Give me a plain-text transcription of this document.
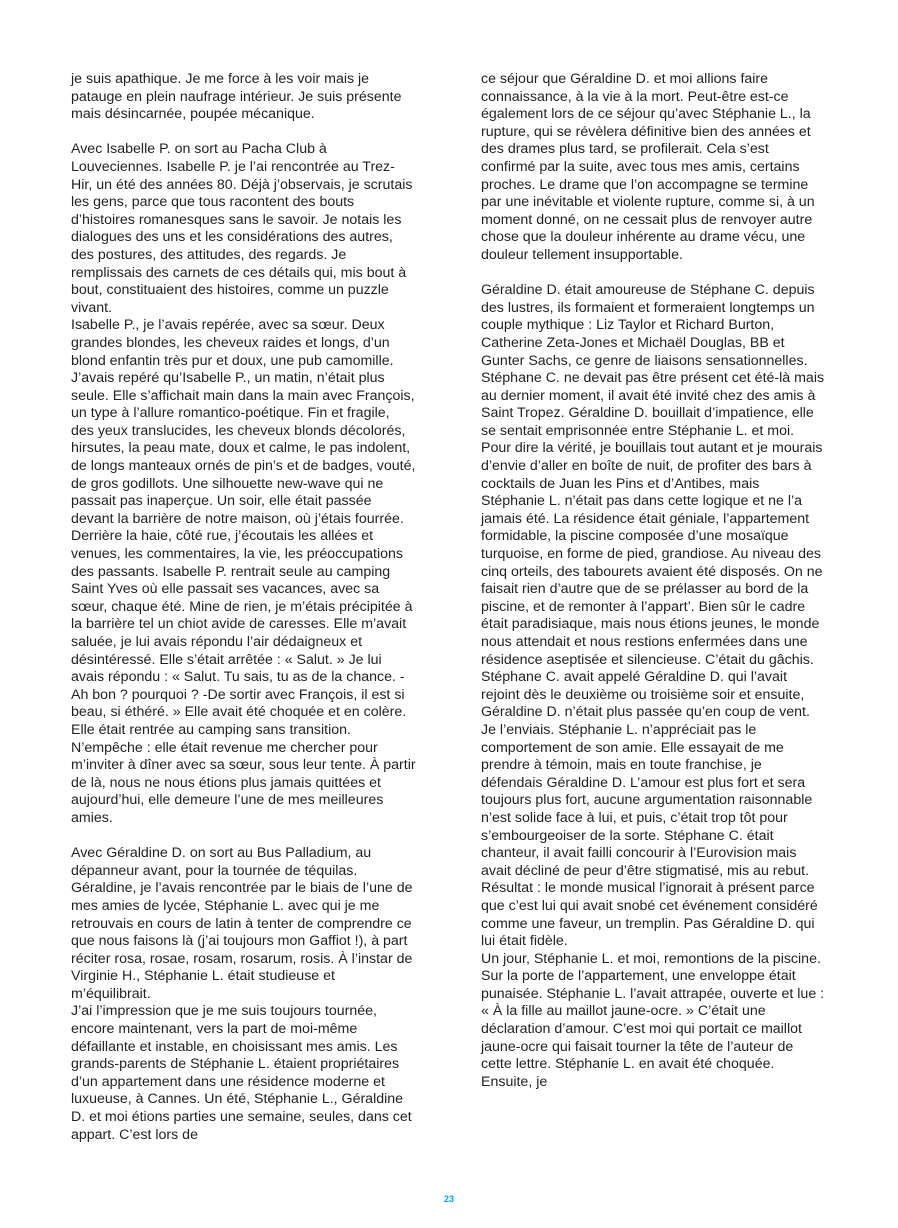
je suis apathique. Je me force à les voir mais je patauge en plein naufrage intérieur. Je suis présente mais désincarnée, poupée mécanique.

Avec Isabelle P. on sort au Pacha Club à Louveciennes. Isabelle P. je l’ai rencontrée au Trez-Hir, un été des années 80. Déjà j’observais, je scrutais les gens, parce que tous racontent des bouts d’histoires romanesques sans le savoir. Je notais les dialogues des uns et les considérations des autres, des postures, des attitudes, des regards. Je remplissais des carnets de ces détails qui, mis bout à bout, constituaient des histoires, comme un puzzle vivant.

Isabelle P., je l’avais repérée, avec sa sœur. Deux grandes blondes, les cheveux raides et longs, d’un blond enfantin très pur et doux, une pub camomille. J’avais repéré qu’Isabelle P., un matin, n’était plus seule. Elle s’affichait main dans la main avec François, un type à l’allure romantico-poétique. Fin et fragile, des yeux translucides, les cheveux blonds décolorés, hirsutes, la peau mate, doux et calme, le pas indolent, de longs manteaux ornés de pin’s et de badges, vouté, de gros godillots. Une silhouette new-wave qui ne passait pas inaperçue. Un soir, elle était passée devant la barrière de notre maison, où j’étais fourrée. Derrière la haie, côté rue, j’écoutais les allées et venues, les commentaires, la vie, les préoccupations des passants. Isabelle P. rentrait seule au camping Saint Yves où elle passait ses vacances, avec sa sœur, chaque été. Mine de rien, je m’étais précipitée à la barrière tel un chiot avide de caresses. Elle m’avait saluée, je lui avais répondu l’air dédaigneux et désintéressé. Elle s’était arrêtée : « Salut. » Je lui avais répondu : « Salut. Tu sais, tu as de la chance. -Ah bon ? pourquoi ? -De sortir avec François, il est si beau, si éthéré. » Elle avait été choquée et en colère. Elle était rentrée au camping sans transition. N’empêche : elle était revenue me chercher pour m’inviter à dîner avec sa sœur, sous leur tente. À partir de là, nous ne nous étions plus jamais quittées et aujourd’hui, elle demeure l’une de mes meilleures amies.

Avec Géraldine D. on sort au Bus Palladium, au dépanneur avant, pour la tournée de téquilas. Géraldine, je l’avais rencontrée par le biais de l’une de mes amies de lycée, Stéphanie L. avec qui je me retrouvais en cours de latin à tenter de comprendre ce que nous faisons là (j’ai toujours mon Gaffiot !), à part réciter rosa, rosae, rosam, rosarum, rosis. À l’instar de Virginie H., Stéphanie L. était studieuse et m’équilibrait.

J’ai l’impression que je me suis toujours tournée, encore maintenant, vers la part de moi-même défaillante et instable, en choisissant mes amis. Les grands-parents de Stéphanie L. étaient propriétaires d’un appartement dans une résidence moderne et luxueuse, à Cannes. Un été, Stéphanie L., Géraldine D. et moi étions parties une semaine, seules, dans cet appart. C’est lors de

ce séjour que Géraldine D. et moi allions faire connaissance, à la vie à la mort. Peut-être est-ce également lors de ce séjour qu’avec Stéphanie L., la rupture, qui se révèlera définitive bien des années et des drames plus tard, se profilerait. Cela s’est confirmé par la suite, avec tous mes amis, certains proches. Le drame que l’on accompagne se termine par une inévitable et violente rupture, comme si, à un moment donné, on ne cessait plus de renvoyer autre chose que la douleur inhérente au drame vécu, une douleur tellement insupportable.

Géraldine D. était amoureuse de Stéphane C. depuis des lustres, ils formaient et formeraient longtemps un couple mythique : Liz Taylor et Richard Burton, Catherine Zeta-Jones et Michaël Douglas, BB et Gunter Sachs, ce genre de liaisons sensationnelles.

Stéphane C. ne devait pas être présent cet été-là mais au dernier moment, il avait été invité chez des amis à Saint Tropez. Géraldine D. bouillait d’impatience, elle se sentait emprisonnée entre Stéphanie L. et moi. Pour dire la vérité, je bouillais tout autant et je mourais d’envie d’aller en boîte de nuit, de profiter des bars à cocktails de Juan les Pins et d’Antibes, mais Stéphanie L. n’était pas dans cette logique et ne l’a jamais été. La résidence était géniale, l’appartement formidable, la piscine composée d’une mosaïque turquoise, en forme de pied, grandiose. Au niveau des cinq orteils, des tabourets avaient été disposés. On ne faisait rien d’autre que de se prélasser au bord de la piscine, et de remonter à l’appart’. Bien sûr le cadre était paradisiaque, mais nous étions jeunes, le monde nous attendait et nous restions enfermées dans une résidence aseptisée et silencieuse. C’était du gâchis. Stéphane C. avait appelé Géraldine D. qui l’avait rejoint dès le deuxième ou troisième soir et ensuite, Géraldine D. n’était plus passée qu’en coup de vent. Je l’enviais. Stéphanie L. n’appréciait pas le comportement de son amie. Elle essayait de me prendre à témoin, mais en toute franchise, je défendais Géraldine D. L’amour est plus fort et sera toujours plus fort, aucune argumentation raisonnable n’est solide face à lui, et puis, c’était trop tôt pour s’embourgeoiser de la sorte. Stéphane C. était chanteur, il avait failli concourir à l’Eurovision mais avait décliné de peur d’être stigmatisé, mis au rebut. Résultat : le monde musical l’ignorait à présent parce que c’est lui qui avait snobé cet événement considéré comme une faveur, un tremplin. Pas Géraldine D. qui lui était fidèle.

Un jour, Stéphanie L. et moi, remontions de la piscine. Sur la porte de l’appartement, une enveloppe était punaisée. Stéphanie L. l’avait attrapée, ouverte et lue : « À la fille au maillot jaune-ocre. » C’était une déclaration d’amour. C’est moi qui portait ce maillot jaune-ocre qui faisait tourner la tête de l’auteur de cette lettre. Stéphanie L. en avait été choquée. Ensuite, je

23
